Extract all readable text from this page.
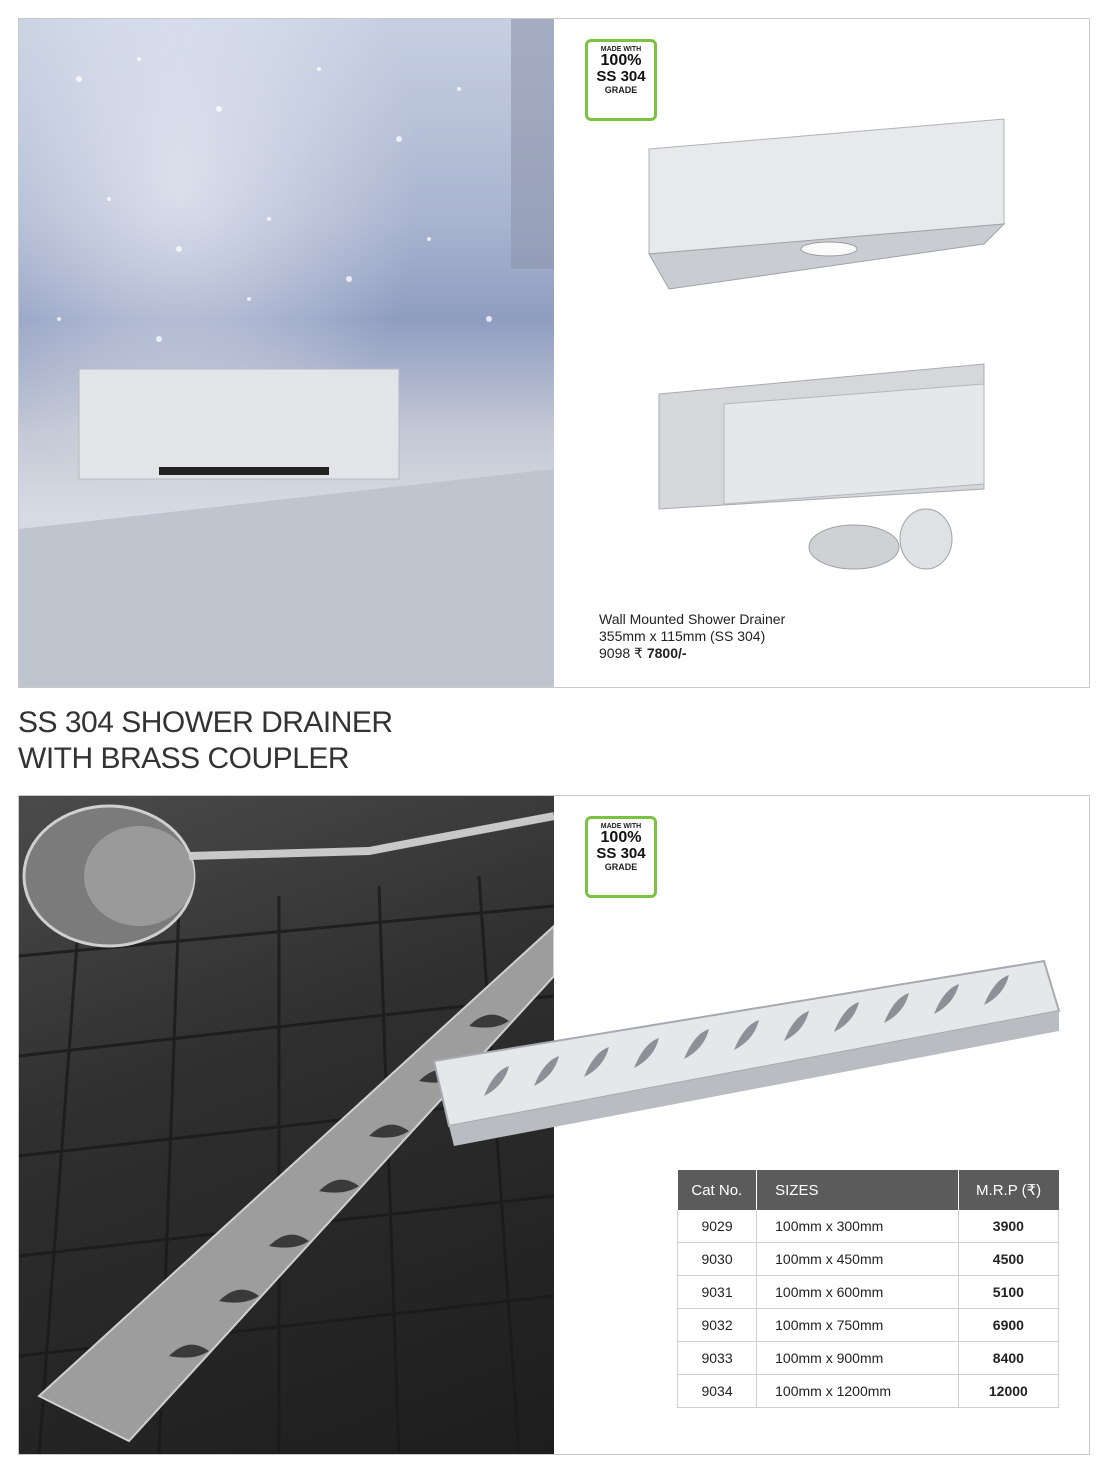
MADE WITH
100%
SS 304
GRADE
Wall Mounted Shower Drainer
355mm x 115mm (SS 304)
9098 ₹ 7800/-
SS 304 SHOWER DRAINER
WITH BRASS COUPLER
MADE WITH
100%
SS 304
GRADE
Cat No.	SIZES	M.R.P (₹)
9029	100mm x 300mm	3900
9030	100mm x 450mm	4500
9031	100mm x 600mm	5100
9032	100mm x 750mm	6900
9033	100mm x 900mm	8400
9034	100mm x 1200mm	12000
